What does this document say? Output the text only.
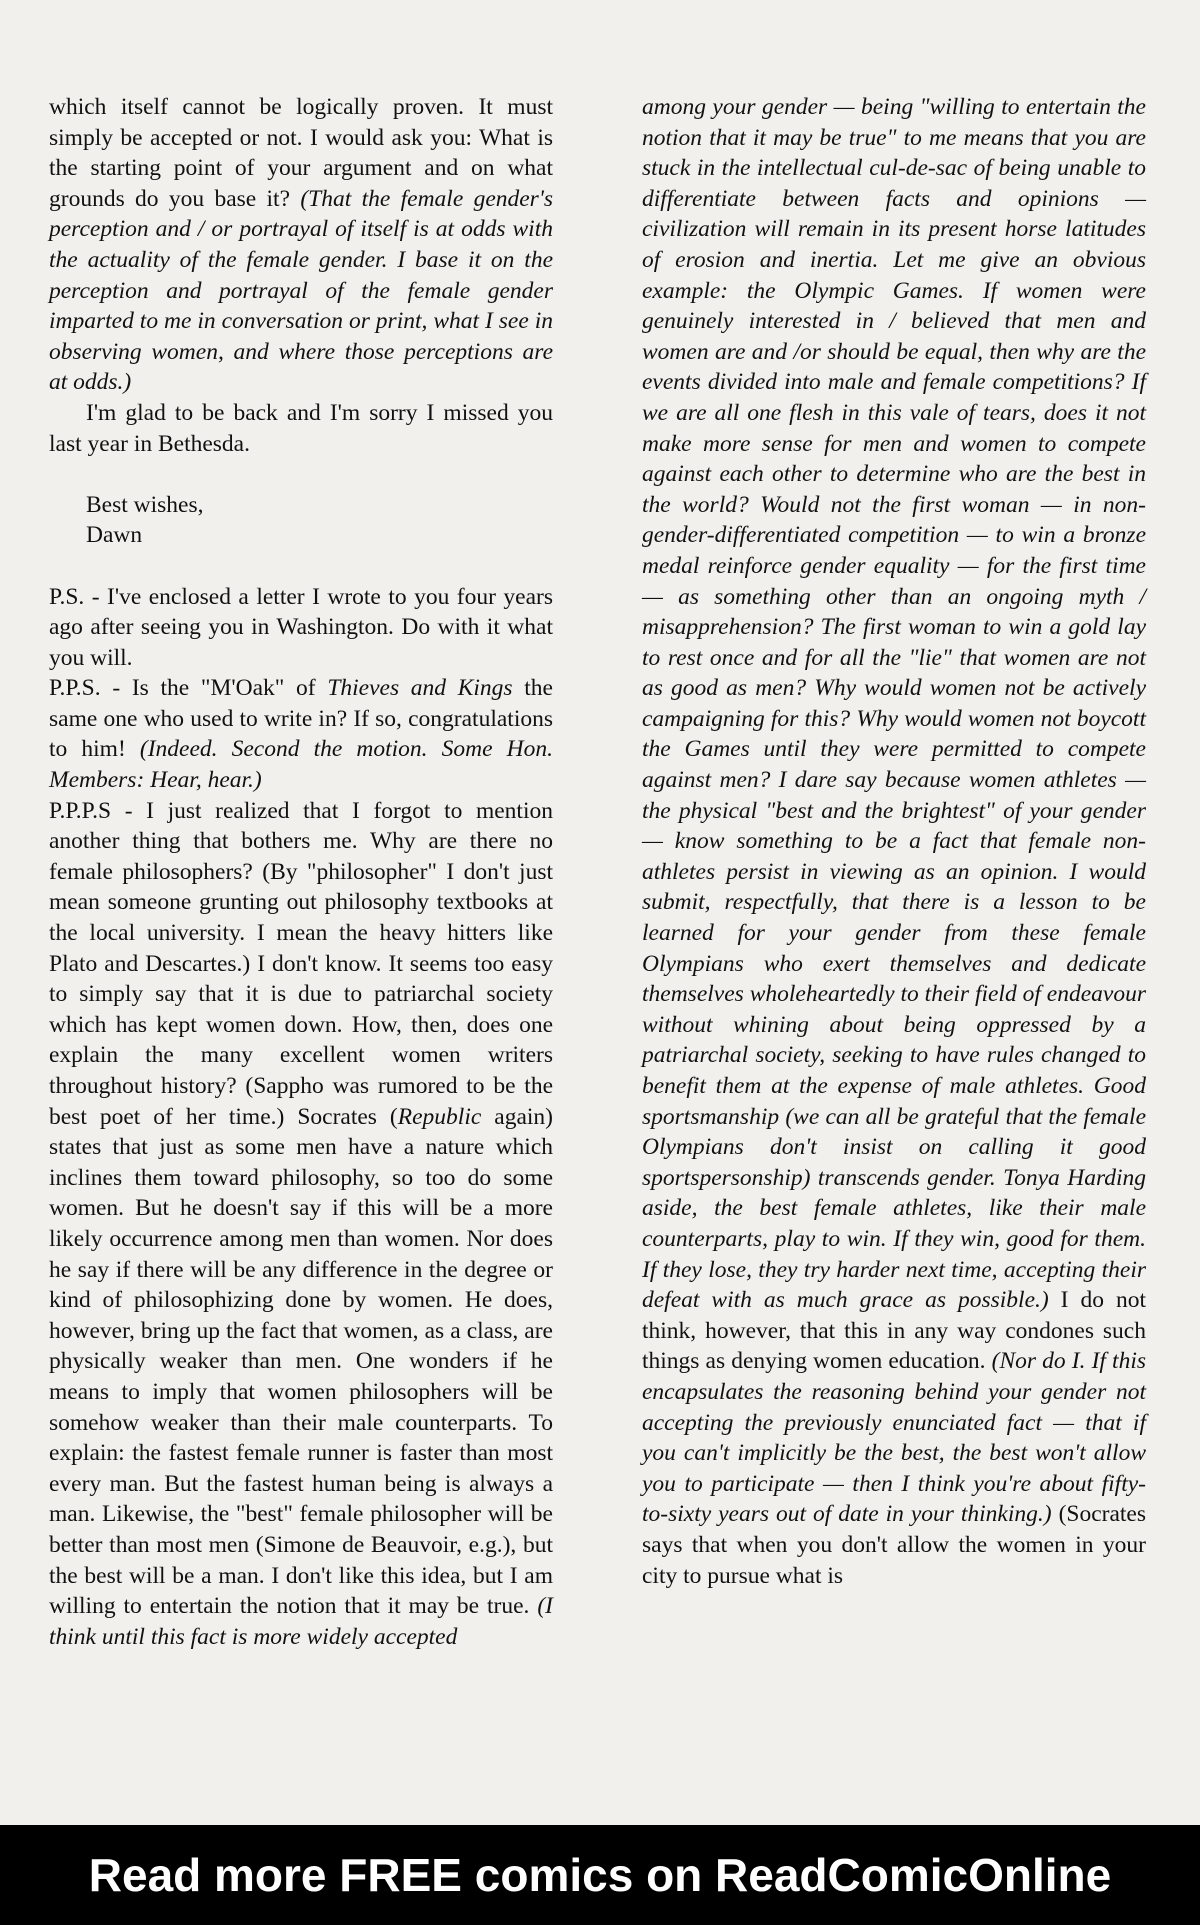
which itself cannot be logically proven. It must simply be accepted or not. I would ask you: What is the starting point of your argument and on what grounds do you base it? (That the female gender's perception and / or portrayal of itself is at odds with the actuality of the female gender. I base it on the perception and portrayal of the female gender imparted to me in conversation or print, what I see in observing women, and where those perceptions are at odds.)

I'm glad to be back and I'm sorry I missed you last year in Bethesda.

Best wishes,

Dawn

P.S. - I've enclosed a letter I wrote to you four years ago after seeing you in Washington. Do with it what you will.

P.P.S. - Is the "M'Oak" of Thieves and Kings the same one who used to write in? If so, congratulations to him! (Indeed. Second the motion. Some Hon. Members: Hear, hear.)

P.P.P.S - I just realized that I forgot to mention another thing that bothers me. Why are there no female philosophers? (By "philosopher" I don't just mean someone grunting out philosophy textbooks at the local university. I mean the heavy hitters like Plato and Descartes.) I don't know. It seems too easy to simply say that it is due to patriarchal society which has kept women down. How, then, does one explain the many excellent women writers throughout history? (Sappho was rumored to be the best poet of her time.) Socrates (Republic again) states that just as some men have a nature which inclines them toward philosophy, so too do some women. But he doesn't say if this will be a more likely occurrence among men than women. Nor does he say if there will be any difference in the degree or kind of philosophizing done by women. He does, however, bring up the fact that women, as a class, are physically weaker than men. One wonders if he means to imply that women philosophers will be somehow weaker than their male counterparts. To explain: the fastest female runner is faster than most every man. But the fastest human being is always a man. Likewise, the "best" female philosopher will be better than most men (Simone de Beauvoir, e.g.), but the best will be a man. I don't like this idea, but I am willing to entertain the notion that it may be true. (I think until this fact is more widely accepted

among your gender — being "willing to entertain the notion that it may be true" to me means that you are stuck in the intellectual cul-de-sac of being unable to differentiate between facts and opinions — civilization will remain in its present horse latitudes of erosion and inertia. Let me give an obvious example: the Olympic Games. If women were genuinely interested in / believed that men and women are and /or should be equal, then why are the events divided into male and female competitions? If we are all one flesh in this vale of tears, does it not make more sense for men and women to compete against each other to determine who are the best in the world? Would not the first woman — in non-gender-differentiated competition — to win a bronze medal reinforce gender equality — for the first time — as something other than an ongoing myth / misapprehension? The first woman to win a gold lay to rest once and for all the "lie" that women are not as good as men? Why would women not be actively campaigning for this? Why would women not boycott the Games until they were permitted to compete against men? I dare say because women athletes — the physical "best and the brightest" of your gender — know something to be a fact that female non-athletes persist in viewing as an opinion. I would submit, respectfully, that there is a lesson to be learned for your gender from these female Olympians who exert themselves and dedicate themselves wholeheartedly to their field of endeavour without whining about being oppressed by a patriarchal society, seeking to have rules changed to benefit them at the expense of male athletes. Good sportsmanship (we can all be grateful that the female Olympians don't insist on calling it good sportspersonship) transcends gender. Tonya Harding aside, the best female athletes, like their male counterparts, play to win. If they win, good for them. If they lose, they try harder next time, accepting their defeat with as much grace as possible.) I do not think, however, that this in any way condones such things as denying women education. (Nor do I. If this encapsulates the reasoning behind your gender not accepting the previously enunciated fact — that if you can't implicitly be the best, the best won't allow you to participate — then I think you're about fifty-to-sixty years out of date in your thinking.) (Socrates says that when you don't allow the women in your city to pursue what is

Read more FREE comics on ReadComicOnline
